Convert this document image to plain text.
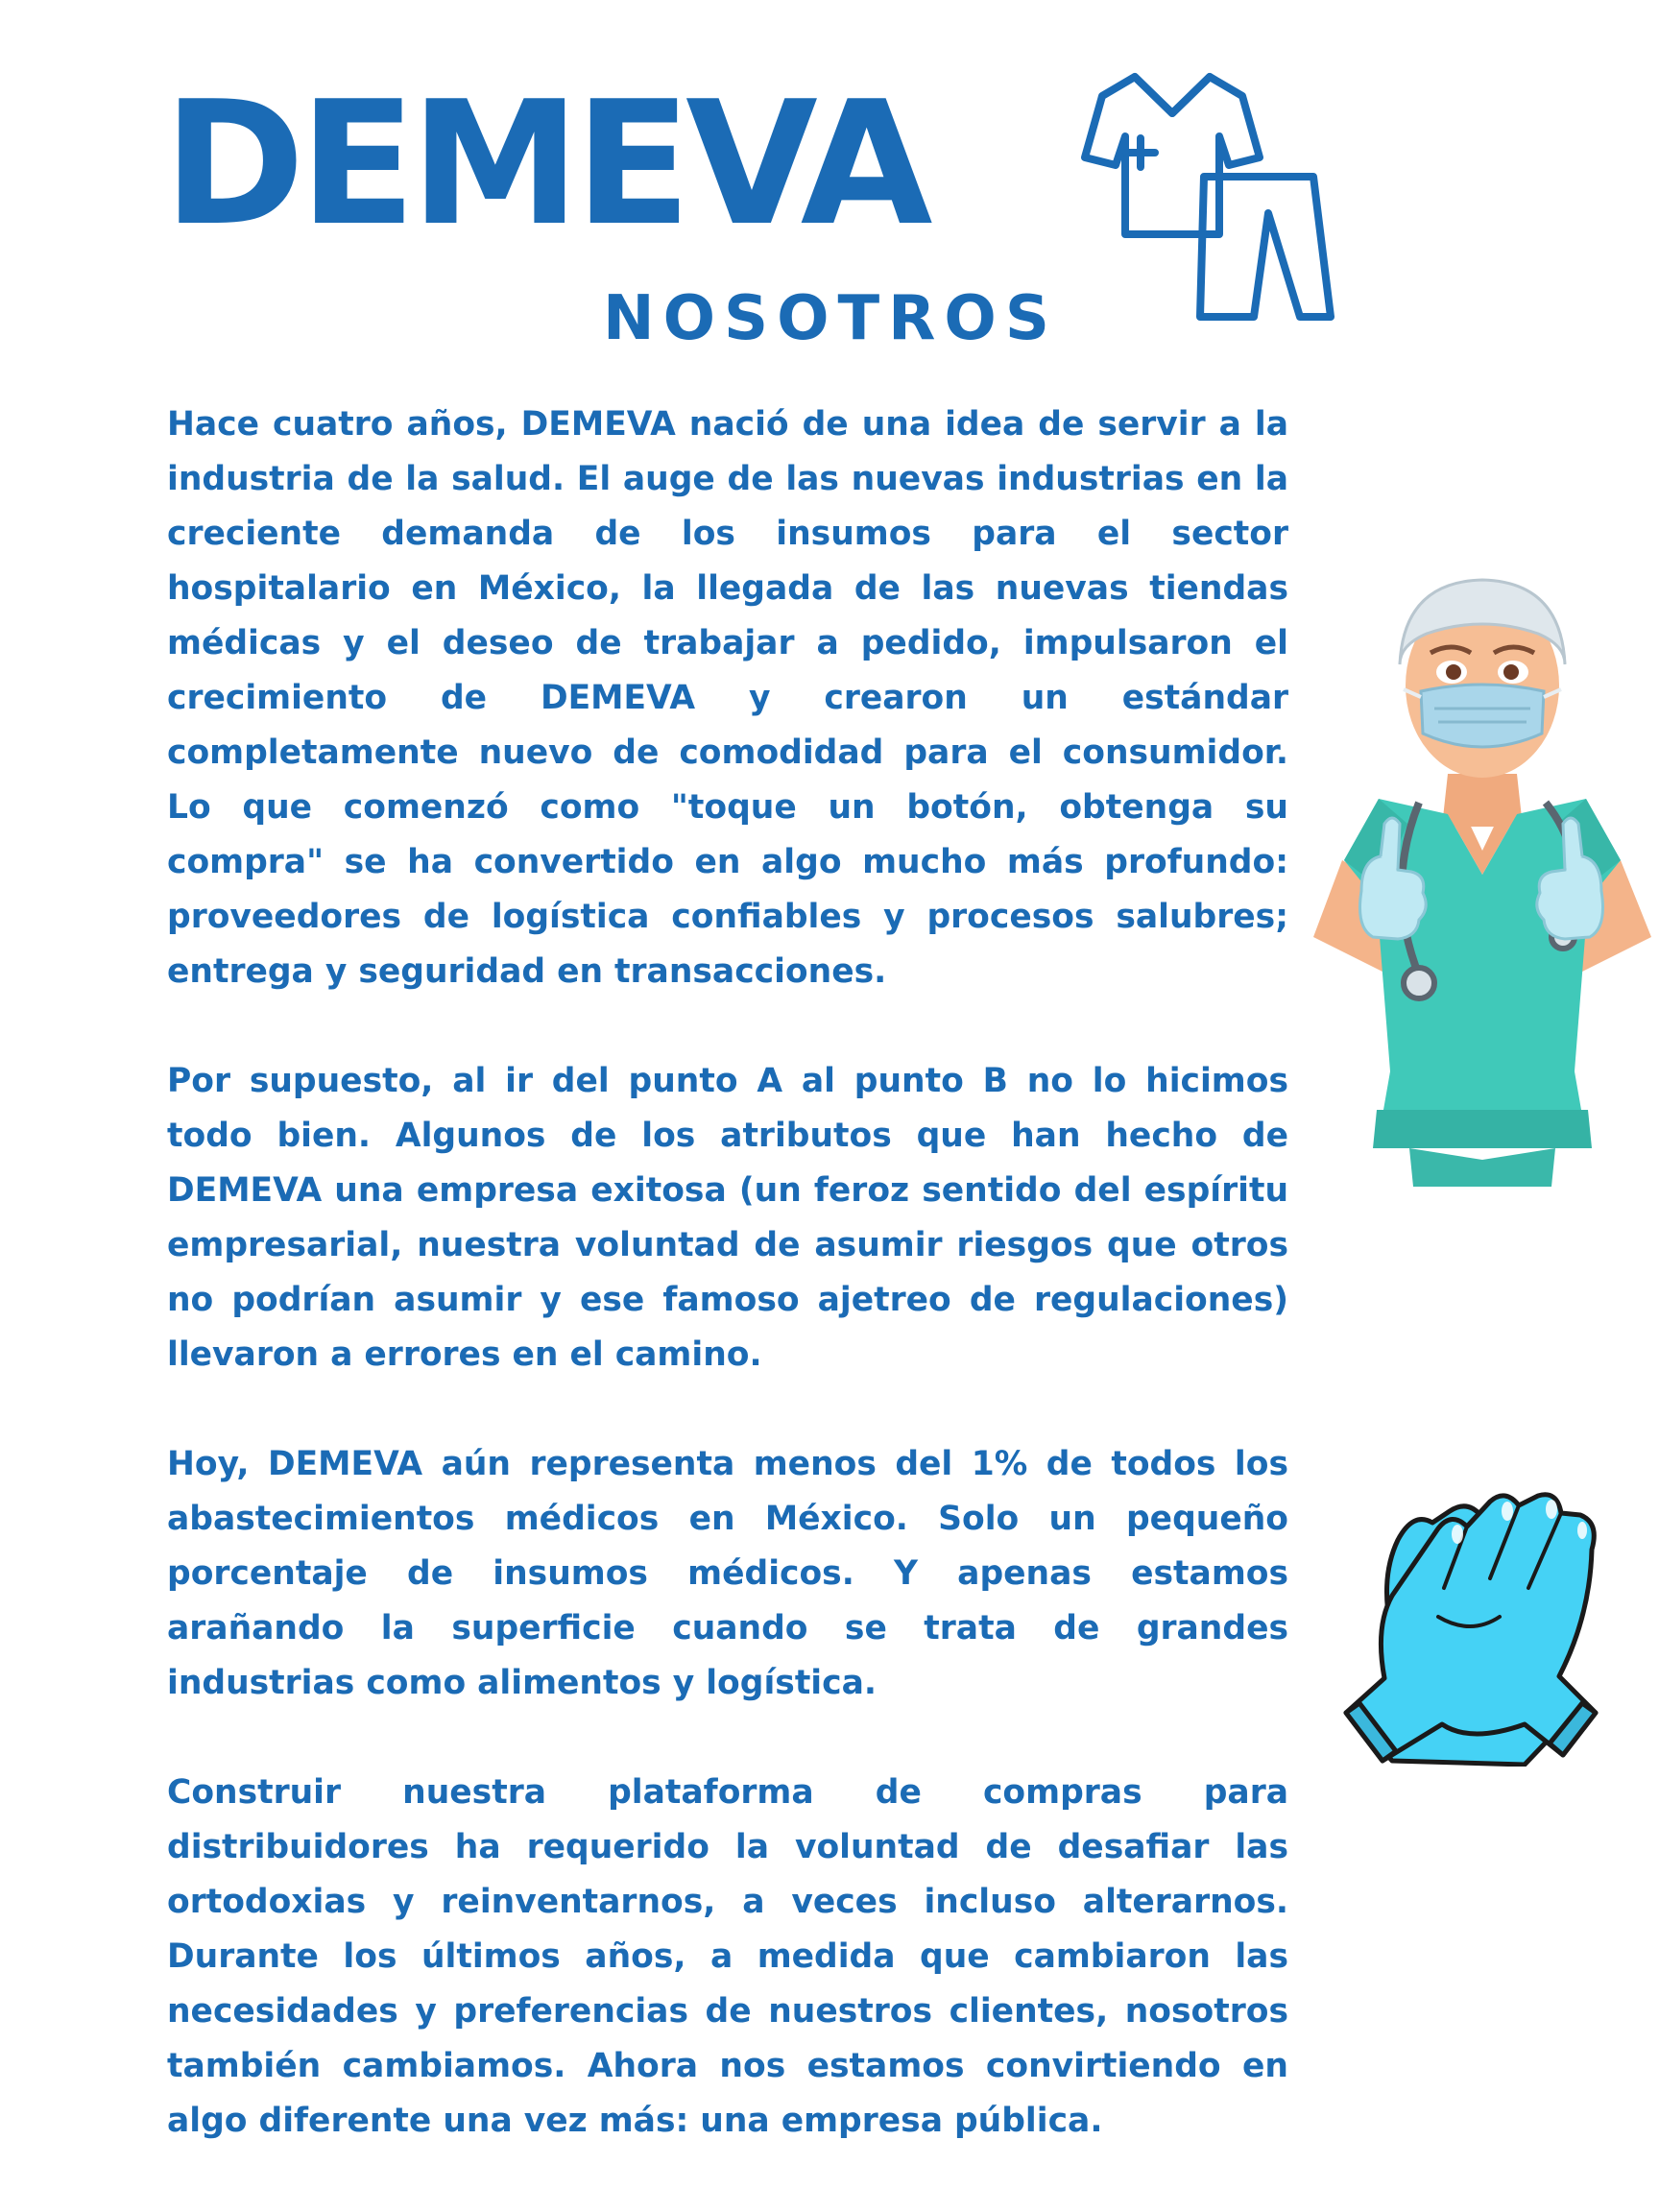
DEMEVA
NOSOTROS

Hace cuatro años, DEMEVA nació de una idea de servir a la industria de la salud. El auge de las nuevas industrias en la creciente demanda de los insumos para el sector hospitalario en México, la llegada de las nuevas tiendas médicas y el deseo de trabajar a pedido, impulsaron el crecimiento de DEMEVA y crearon un estándar completamente nuevo de comodidad para el consumidor. Lo que comenzó como "toque un botón, obtenga su compra" se ha convertido en algo mucho más profundo: proveedores de logística confiables y procesos salubres; entrega y seguridad en transacciones.

Por supuesto, al ir del punto A al punto B no lo hicimos todo bien. Algunos de los atributos que han hecho de DEMEVA una empresa exitosa (un feroz sentido del espíritu empresarial, nuestra voluntad de asumir riesgos que otros no podrían asumir y ese famoso ajetreo de regulaciones) llevaron a errores en el camino.

Hoy, DEMEVA aún representa menos del 1% de todos los abastecimientos médicos en México. Solo un pequeño porcentaje de insumos médicos. Y apenas estamos arañando la superficie cuando se trata de grandes industrias como alimentos y logística.

Construir nuestra plataforma de compras para distribuidores ha requerido la voluntad de desafiar las ortodoxias y reinventarnos, a veces incluso alterarnos. Durante los últimos años, a medida que cambiaron las necesidades y preferencias de nuestros clientes, nosotros también cambiamos. Ahora nos estamos convirtiendo en algo diferente una vez más: una empresa pública.
